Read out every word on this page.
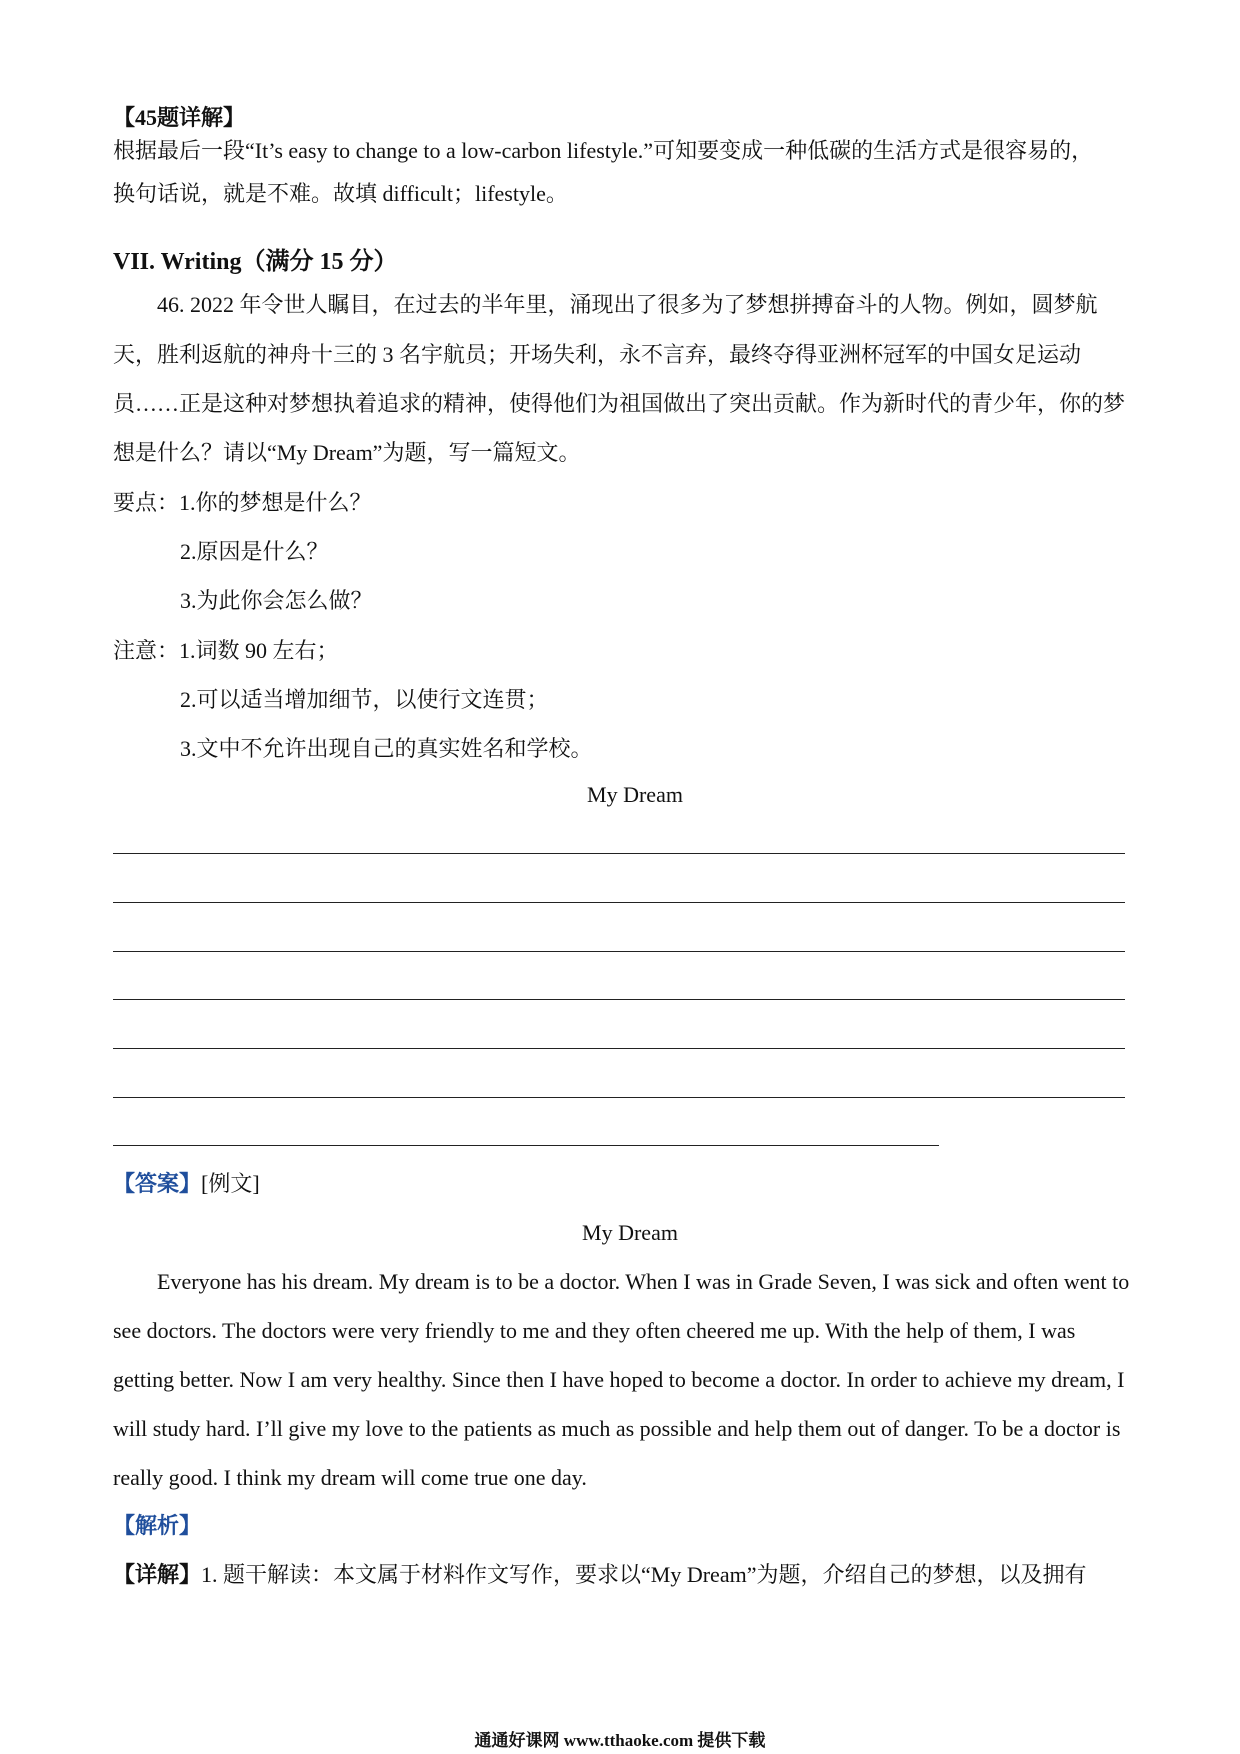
【45题详解】
根据最后一段“It’s easy to change to a low-carbon lifestyle.”可知要变成一种低碳的生活方式是很容易的，
换句话说，就是不难。故填 difficult；lifestyle。
VII. Writing（满分 15 分）
46. 2022 年令世人瞩目，在过去的半年里，涌现出了很多为了梦想拼搏奋斗的人物。例如，圆梦航
天，胜利返航的神舟十三的 3 名宇航员；开场失利，永不言弃，最终夺得亚洲杯冠军的中国女足运动
员……正是这种对梦想执着追求的精神，使得他们为祖国做出了突出贡献。作为新时代的青少年，你的梦
想是什么？请以“My Dream”为题，写一篇短文。
要点：1.你的梦想是什么？
2.原因是什么？
3.为此你会怎么做？
注意：1.词数 90 左右；
2.可以适当增加细节，以使行文连贯；
3.文中不允许出现自己的真实姓名和学校。
My Dream
【答案】[例文]
My Dream
Everyone has his dream. My dream is to be a doctor. When I was in Grade Seven, I was sick and often went to
see doctors. The doctors were very friendly to me and they often cheered me up. With the help of them, I was
getting better. Now I am very healthy. Since then I have hoped to become a doctor. In order to achieve my dream, I
will study hard. I’ll give my love to the patients as much as possible and help them out of danger. To be a doctor is
really good. I think my dream will come true one day.
【解析】
【详解】1. 题干解读：本文属于材料作文写作，要求以“My Dream”为题，介绍自己的梦想，以及拥有
通通好课网 www.tthaoke.com 提供下载
